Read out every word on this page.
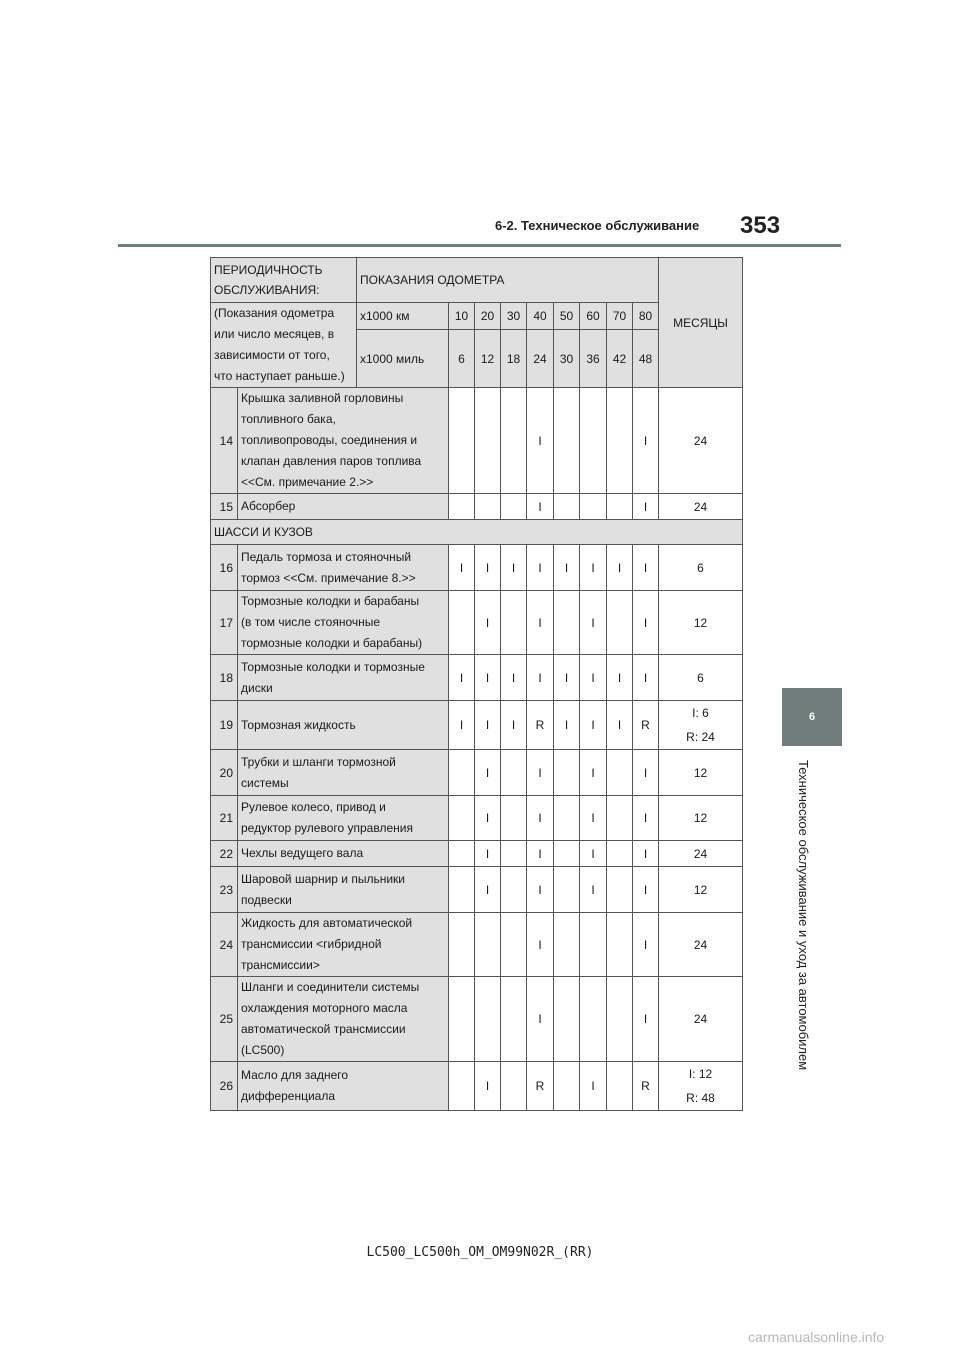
6-2. Техническое обслуживание 353
6
Техническое обслуживание и уход за автомобилем
ПЕРИОДИЧНОСТЬ
ОБСЛУЖИВАНИЯ:		ПОКАЗАНИЯ ОДОМЕТРА									МЕСЯЦЫ

(Показания одометра
или число месяцев, в
зависимости от того,
что наступает раньше.)		x1000 км	10	20	30	40	50	60	70	80	
		x1000 миль	6	12	18	24	30	36	42	48	
14	Крышка заливной горловины
топливного бака,
топливопроводы, соединения и
клапан давления паров топлива
<<См. примечание 2.>>					I				I	24

15	Абсорбер					I				I	24

ШАССИ И КУЗОВ											
16	Педаль тормоза и стояночный
тормоз <<См. примечание 8.>>		I	I	I	I	I	I	I	I	6

17	Тормозные колодки и барабаны
(в том числе стояночные
тормозные колодки и барабаны)			I		I		I		I	12

18	Тормозные колодки и тормозные
диски		I	I	I	I	I	I	I	I	6

19	Тормозная жидкость		I	I	I	R	I	I	I	R	I: 6
R: 24

20	Трубки и шланги тормозной
системы			I		I		I		I	12

21	Рулевое колесо, привод и
редуктор рулевого управления			I		I		I		I	12

22	Чехлы ведущего вала			I		I		I		I	24

23	Шаровой шарнир и пыльники
подвески			I		I		I		I	12

24	Жидкость для автоматической
трансмиссии <гибридной
трансмиссии>					I				I	24

25	Шланги и соединители системы
охлаждения моторного масла
автоматической трансмиссии
(LC500)					I				I	24

26	Масло для заднего
дифференциала			I		R		I		R	I: 12
R: 48
LC500_LC500h_OM_OM99N02R_(RR)
carmanualsonline.info
